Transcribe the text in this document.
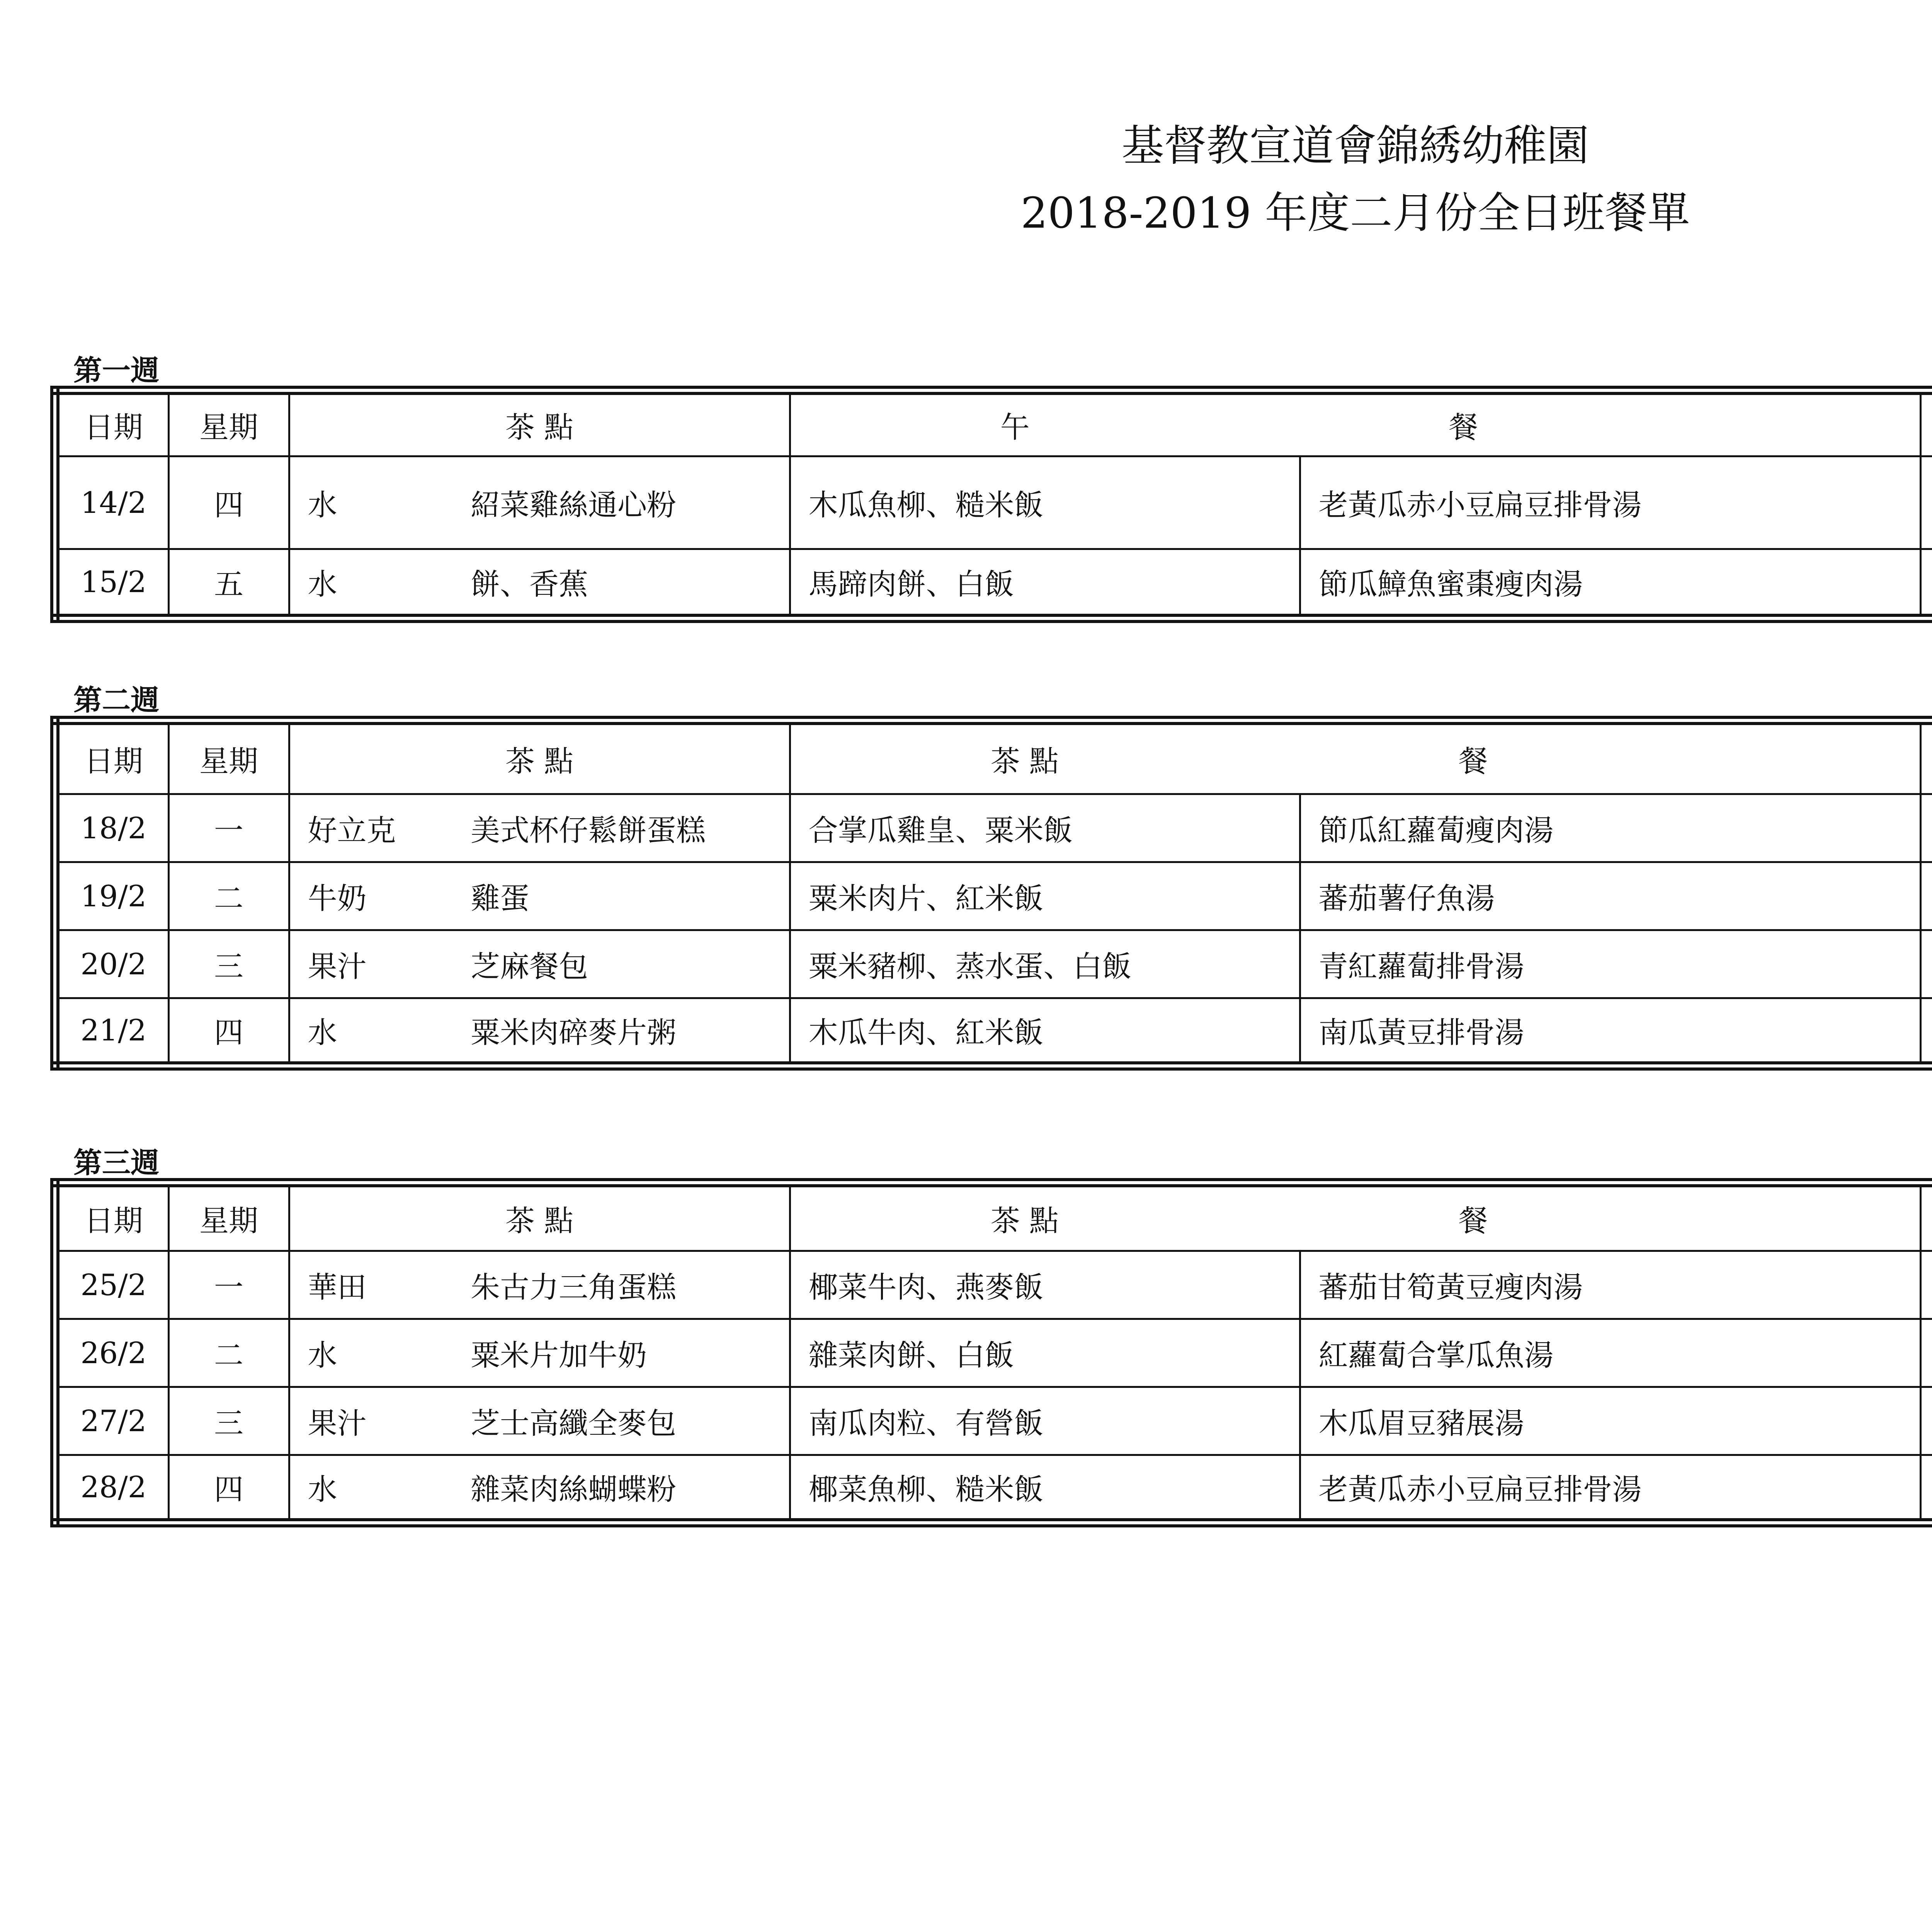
基督教宣道會錦綉幼稚園
2018-2019 年度二月份全日班餐單
第一週
日期	星期	茶 點		午 餐

14/2	四	水	紹菜雞絲通心粉	木瓜魚柳、糙米飯	老黃瓜赤小豆扁豆排骨湯		
15/2	五	水	餅、香蕉	馬蹄肉餅、白飯	節瓜鱆魚蜜棗瘦肉湯		
第二週
日期	星期	茶 點		茶 點 餐

18/2	一	好立克	美式杯仔鬆餅蛋糕	合掌瓜雞皇、粟米飯	節瓜紅蘿蔔瘦肉湯		
19/2	二	牛奶	雞蛋	粟米肉片、紅米飯	蕃茄薯仔魚湯		
20/2	三	果汁	芝麻餐包	粟米豬柳、蒸水蛋、白飯	青紅蘿蔔排骨湯		
21/2	四	水	粟米肉碎麥片粥	木瓜牛肉、紅米飯	南瓜黃豆排骨湯		
第三週
日期	星期	茶 點		茶 點 餐

25/2	一	華田	朱古力三角蛋糕	椰菜牛肉、燕麥飯	蕃茄甘筍黃豆瘦肉湯		
26/2	二	水	粟米片加牛奶	雜菜肉餅、白飯	紅蘿蔔合掌瓜魚湯		
27/2	三	果汁	芝士高纖全麥包	南瓜肉粒、有營飯	木瓜眉豆豬展湯		
28/2	四	水	雜菜肉絲蝴蝶粉	椰菜魚柳、糙米飯	老黃瓜赤小豆扁豆排骨湯		
